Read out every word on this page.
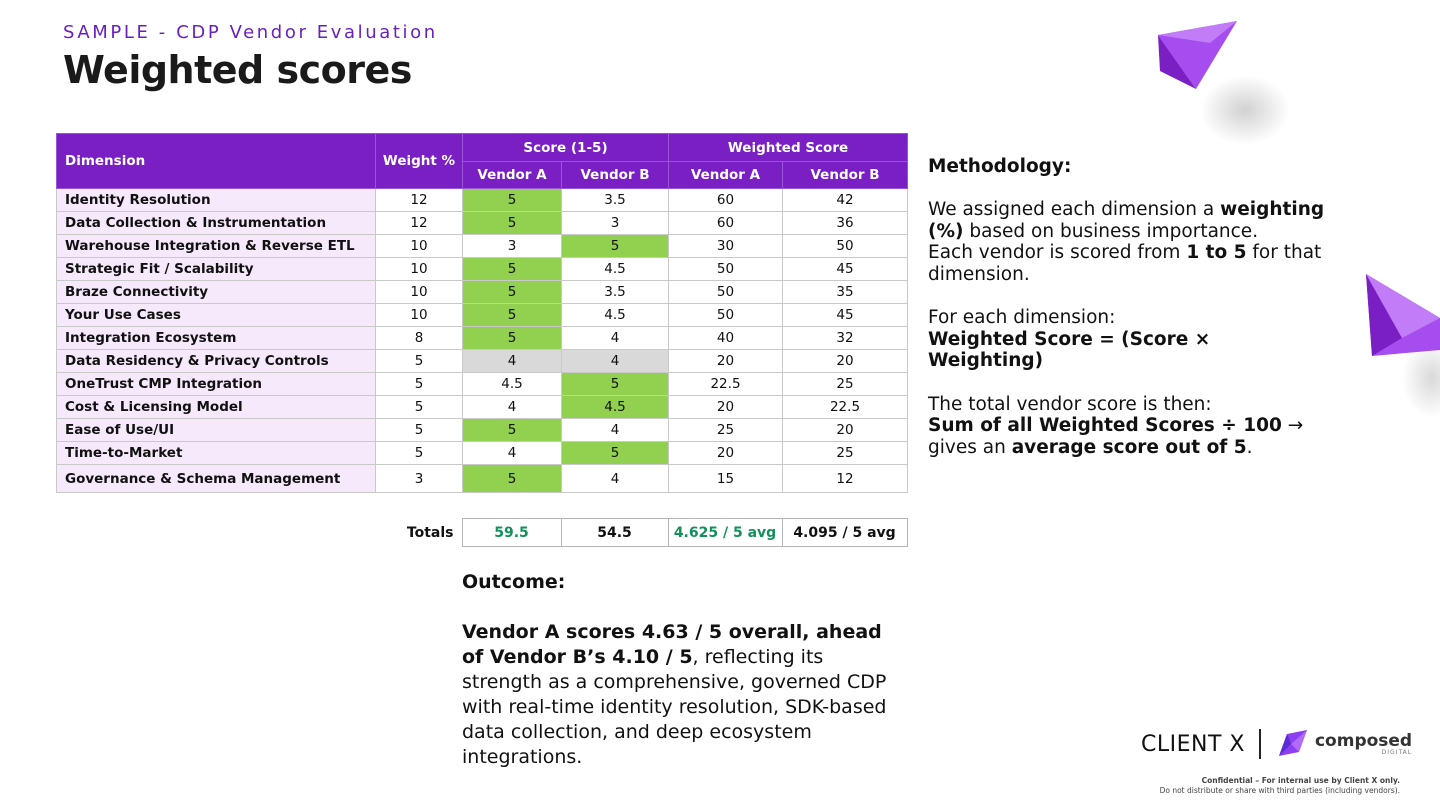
SAMPLE - CDP Vendor Evaluation
Weighted scores
Dimension	Weight %	Score (1-5)		Weighted Score	
		Vendor A	Vendor B	Vendor A	Vendor B
Identity Resolution	12	5	3.5	60	42
Data Collection & Instrumentation	12	5	3	60	36
Warehouse Integration & Reverse ETL	10	3	5	30	50
Strategic Fit / Scalability	10	5	4.5	50	45
Braze Connectivity	10	5	3.5	50	35
Your Use Cases	10	5	4.5	50	45
Integration Ecosystem	8	5	4	40	32
Data Residency & Privacy Controls	5	4	4	20	20
OneTrust CMP Integration	5	4.5	5	22.5	25
Cost & Licensing Model	5	4	4.5	20	22.5
Ease of Use/UI	5	5	4	25	20
Time-to-Market	5	4	5	20	25
Governance & Schema Management	3	5	4	15	12
Totals	59.5	54.5	4.625 / 5 avg	4.095 / 5 avg
Outcome:
Vendor A scores 4.63 / 5 overall, ahead of Vendor B’s 4.10 / 5, reflecting its strength as a comprehensive, governed CDP with real-time identity resolution, SDK-based data collection, and deep ecosystem integrations.
Methodology:

We assigned each dimension a weighting (%) based on business importance.
Each vendor is scored from 1 to 5 for that dimension.

For each dimension:
Weighted Score = (Score × Weighting)

The total vendor score is then:
Sum of all Weighted Scores ÷ 100 → gives an average score out of 5.

CLIENT X	composed
DIGITAL
Confidential – For internal use by Client X only.
Do not distribute or share with third parties (including vendors).
